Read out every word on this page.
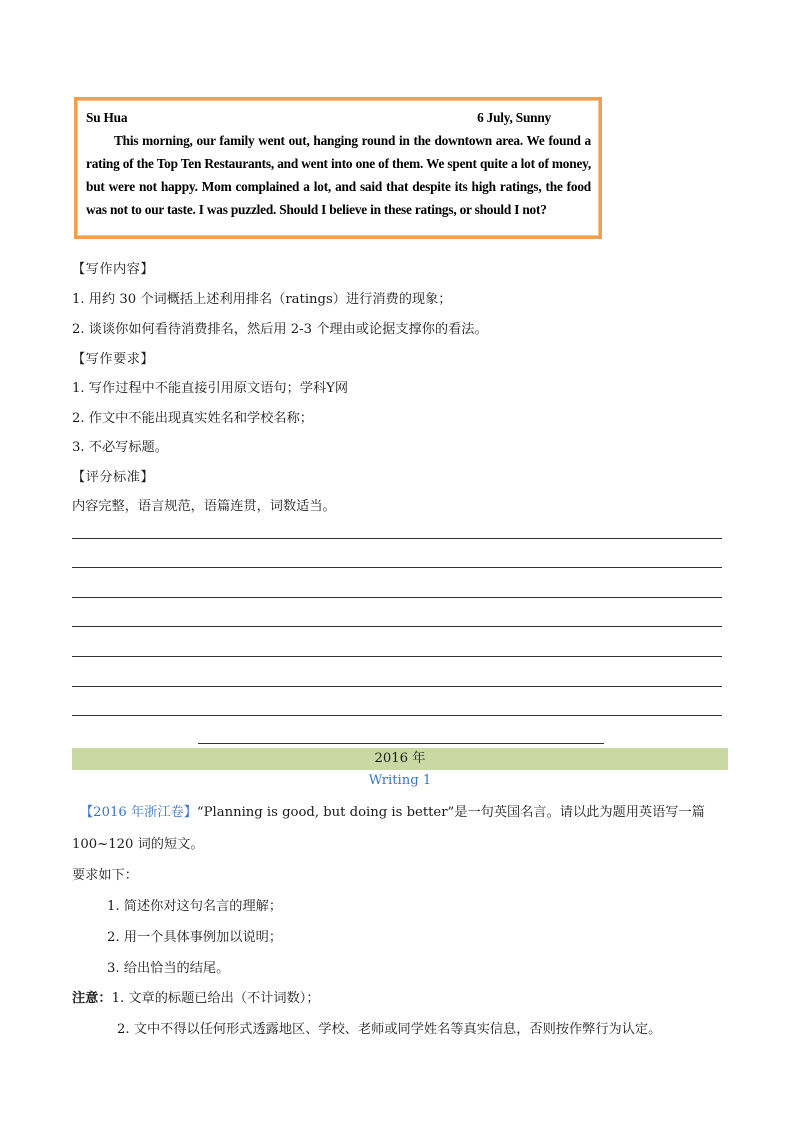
Su Hua	6 July, Sunny
This morning, our family went out, hanging round in the downtown area. We found a rating of the Top Ten Restaurants, and went into one of them. We spent quite a lot of money, but were not happy. Mom complained a lot, and said that despite its high ratings, the food was not to our taste. I was puzzled. Should I believe in these ratings, or should I not?
【写作内容】
1. 用约 30 个词概括上述利用排名（ratings）进行消费的现象；
2. 谈谈你如何看待消费排名，然后用 2-3 个理由或论据支撑你的看法。
【写作要求】
1. 写作过程中不能直接引用原文语句；学科Y网
2. 作文中不能出现真实姓名和学校名称；
3. 不必写标题。
【评分标准】
内容完整，语言规范，语篇连贯，词数适当。
2016 年
Writing 1
【2016 年浙江卷】“Planning is good, but doing is better”是一句英国名言。请以此为题用英语写一篇
100~120 词的短文。
要求如下：
1. 简述你对这句名言的理解；
2. 用一个具体事例加以说明；
3. 给出恰当的结尾。
注意：1. 文章的标题已给出（不计词数）；
2. 文中不得以任何形式透露地区、学校、老师或同学姓名等真实信息，否则按作弊行为认定。
